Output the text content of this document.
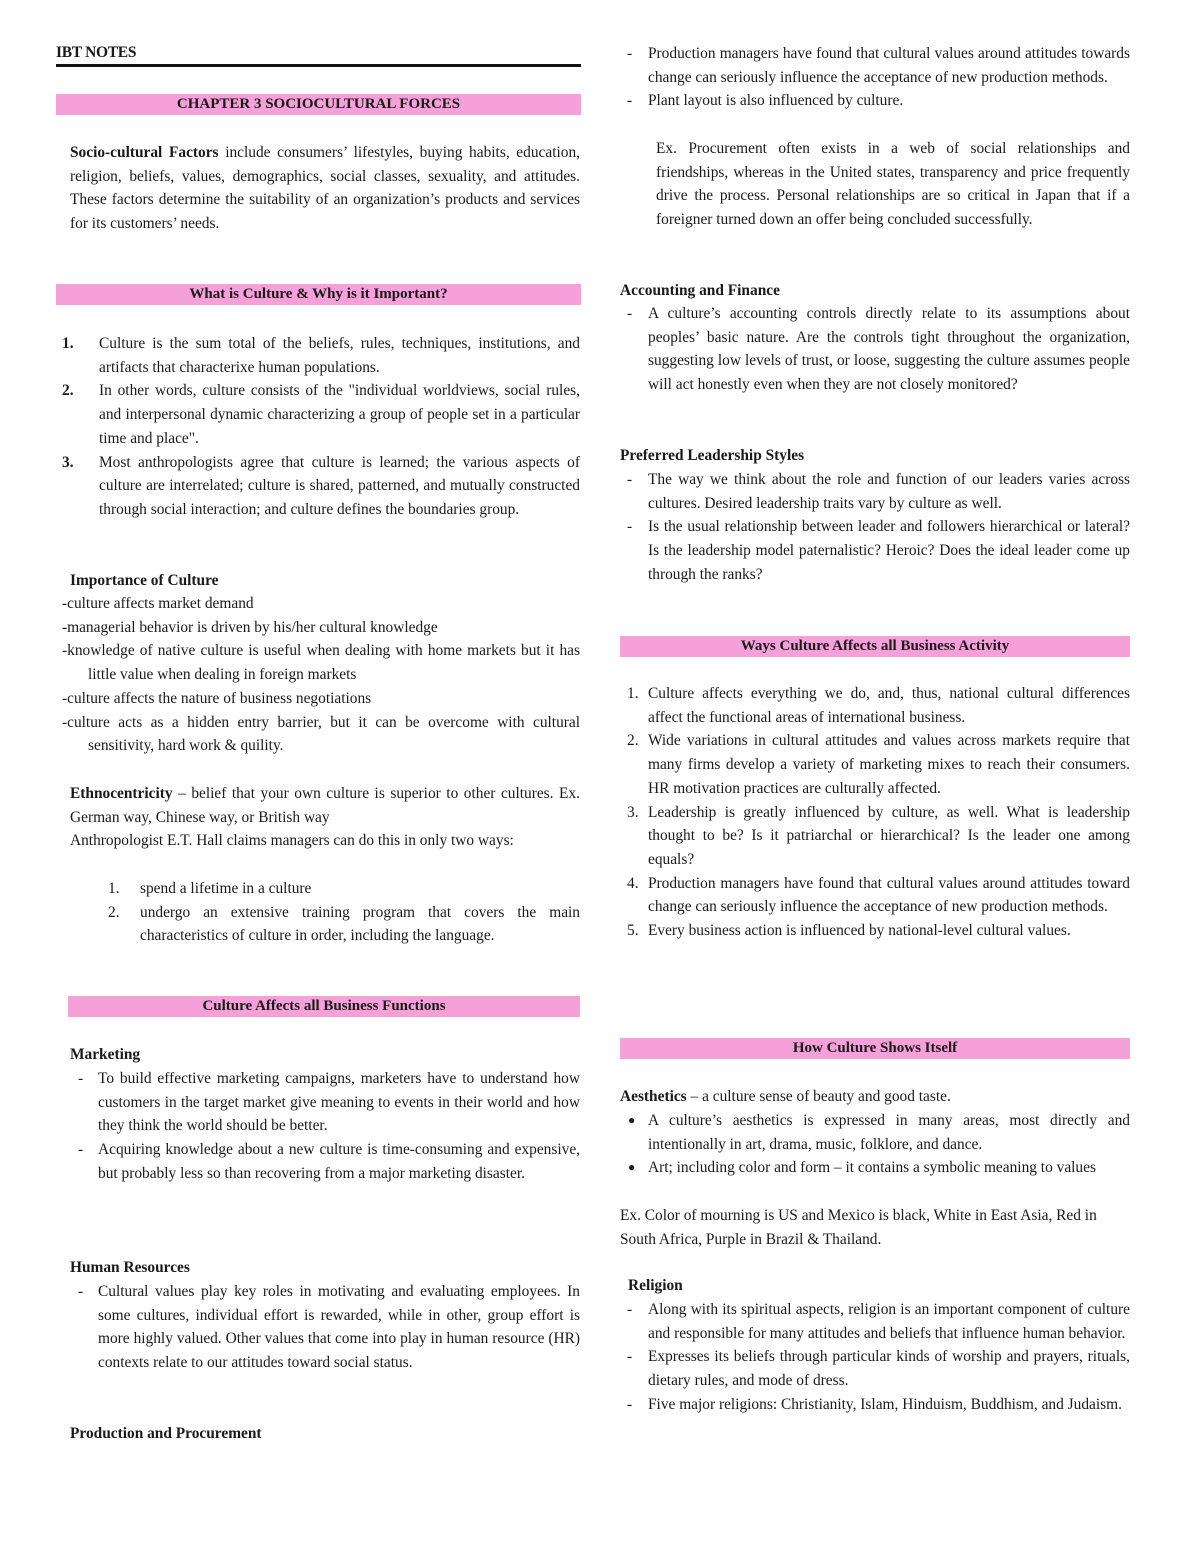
IBT NOTES
CHAPTER 3 SOCIOCULTURAL FORCES

Socio-cultural Factors include consumers’ lifestyles, buying habits, education, religion, beliefs, values, demographics, social classes, sexuality, and attitudes. These factors determine the suitability of an organization’s products and services for its customers’ needs.

What is Culture & Why is it Important?
1. Culture is the sum total of the beliefs, rules, techniques, institutions, and artifacts that characterixe human populations.
2. In other words, culture consists of the "individual worldviews, social rules, and interpersonal dynamic characterizing a group of people set in a particular time and place".
3. Most anthropologists agree that culture is learned; the various aspects of culture are interrelated; culture is shared, patterned, and mutually constructed through social interaction; and culture defines the boundaries group.
Importance of Culture

-culture affects market demand

-managerial behavior is driven by his/her cultural knowledge

-knowledge of native culture is useful when dealing with home markets but it has little value when dealing in foreign markets

-culture affects the nature of business negotiations

-culture acts as a hidden entry barrier, but it can be overcome with cultural sensitivity, hard work & quility.

Ethnocentricity – belief that your own culture is superior to other cultures. Ex. German way, Chinese way, or British way
Anthropologist E.T. Hall claims managers can do this in only two ways:

1. spend a lifetime in a culture
2. undergo an extensive training program that covers the main characteristics of culture in order, including the language.
Culture Affects all Business Functions
Marketing
- To build effective marketing campaigns, marketers have to understand how customers in the target market give meaning to events in their world and how they think the world should be better.
- Acquiring knowledge about a new culture is time-consuming and expensive, but probably less so than recovering from a major marketing disaster.
Human Resources
- Cultural values play key roles in motivating and evaluating employees. In some cultures, individual effort is rewarded, while in other, group effort is more highly valued. Other values that come into play in human resource (HR) contexts relate to our attitudes toward social status.
Production and Procurement
- Production managers have found that cultural values around attitudes towards change can seriously influence the acceptance of new production methods.
- Plant layout is also influenced by culture.

Ex. Procurement often exists in a web of social relationships and friendships, whereas in the United states, transparency and price frequently drive the process. Personal relationships are so critical in Japan that if a foreigner turned down an offer being concluded successfully.

Accounting and Finance
- A culture’s accounting controls directly relate to its assumptions about peoples’ basic nature. Are the controls tight throughout the organization, suggesting low levels of trust, or loose, suggesting the culture assumes people will act honestly even when they are not closely monitored?
Preferred Leadership Styles
- The way we think about the role and function of our leaders varies across cultures. Desired leadership traits vary by culture as well.
- Is the usual relationship between leader and followers hierarchical or lateral? Is the leadership model paternalistic? Heroic? Does the ideal leader come up through the ranks?
Ways Culture Affects all Business Activity
1. Culture affects everything we do, and, thus, national cultural differences affect the functional areas of international business.
2. Wide variations in cultural attitudes and values across markets require that many firms develop a variety of marketing mixes to reach their consumers. HR motivation practices are culturally affected.
3. Leadership is greatly influenced by culture, as well. What is leadership thought to be? Is it patriarchal or hierarchical? Is the leader one among equals?
4. Production managers have found that cultural values around attitudes toward change can seriously influence the acceptance of new production methods.
5. Every business action is influenced by national-level cultural values.
How Culture Shows Itself

Aesthetics – a culture sense of beauty and good taste.

● A culture’s aesthetics is expressed in many areas, most directly and intentionally in art, drama, music, folklore, and dance.
● Art; including color and form – it contains a symbolic meaning to values

Ex. Color of mourning is US and Mexico is black, White in East Asia, Red in South Africa, Purple in Brazil & Thailand.

Religion
- Along with its spiritual aspects, religion is an important component of culture and responsible for many attitudes and beliefs that influence human behavior.
- Expresses its beliefs through particular kinds of worship and prayers, rituals, dietary rules, and mode of dress.
- Five major religions: Christianity, Islam, Hinduism, Buddhism, and Judaism.
